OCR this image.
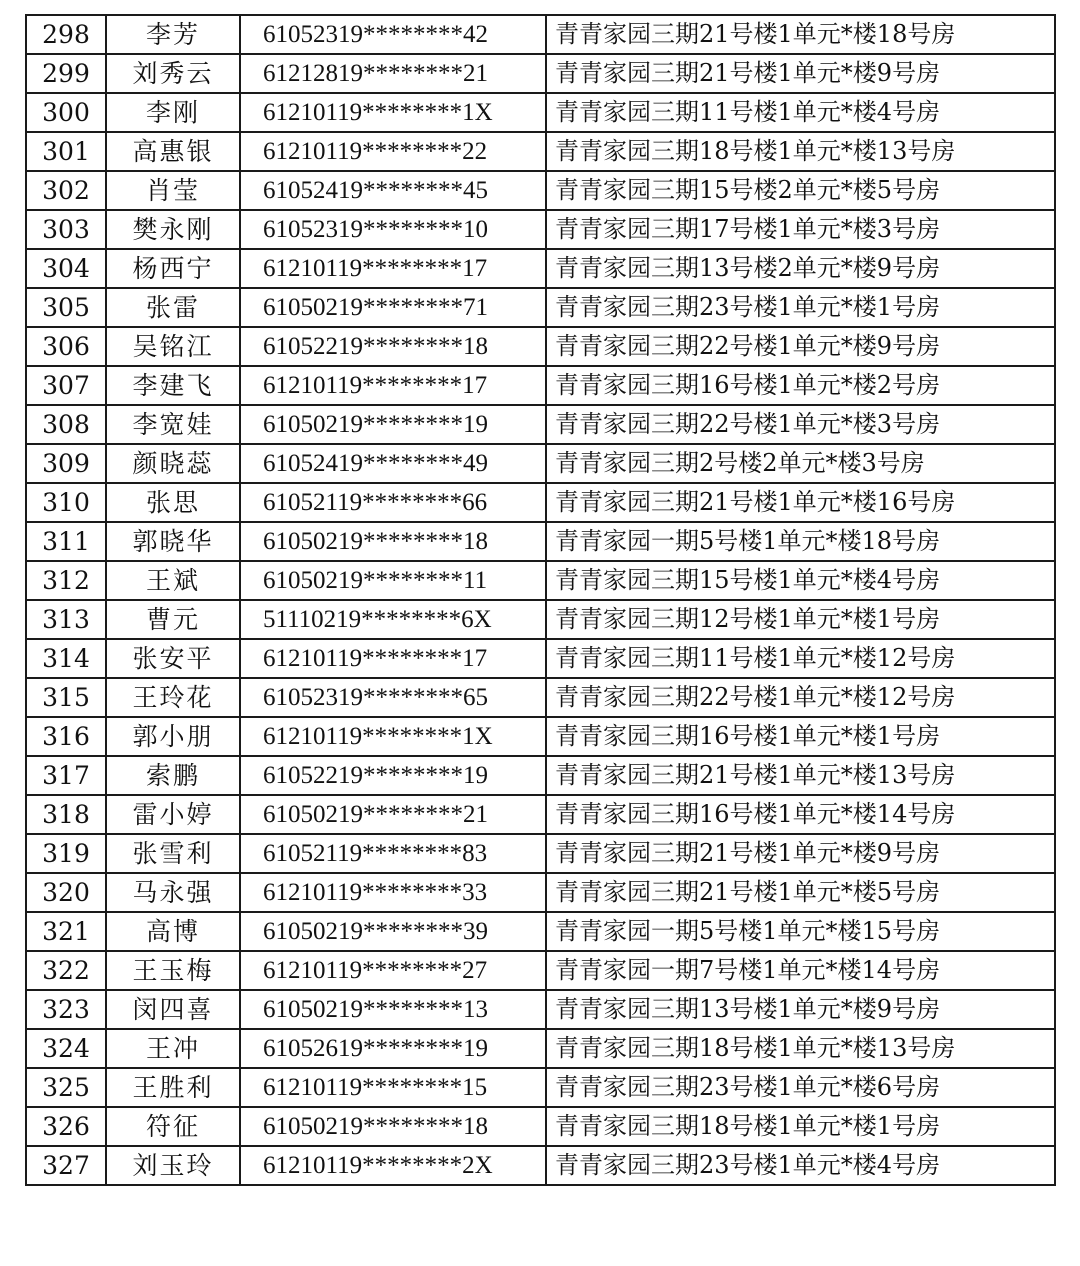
298	李芳	61052319********42	青青家园三期21号楼1单元*楼18号房
299	刘秀云	61212819********21	青青家园三期21号楼1单元*楼9号房
300	李刚	61210119********1X	青青家园三期11号楼1单元*楼4号房
301	高惠银	61210119********22	青青家园三期18号楼1单元*楼13号房
302	肖莹	61052419********45	青青家园三期15号楼2单元*楼5号房
303	樊永刚	61052319********10	青青家园三期17号楼1单元*楼3号房
304	杨西宁	61210119********17	青青家园三期13号楼2单元*楼9号房
305	张雷	61050219********71	青青家园三期23号楼1单元*楼1号房
306	吴铭江	61052219********18	青青家园三期22号楼1单元*楼9号房
307	李建飞	61210119********17	青青家园三期16号楼1单元*楼2号房
308	李宽娃	61050219********19	青青家园三期22号楼1单元*楼3号房
309	颜晓蕊	61052419********49	青青家园三期2号楼2单元*楼3号房
310	张思	61052119********66	青青家园三期21号楼1单元*楼16号房
311	郭晓华	61050219********18	青青家园一期5号楼1单元*楼18号房
312	王斌	61050219********11	青青家园三期15号楼1单元*楼4号房
313	曹元	51110219********6X	青青家园三期12号楼1单元*楼1号房
314	张安平	61210119********17	青青家园三期11号楼1单元*楼12号房
315	王玲花	61052319********65	青青家园三期22号楼1单元*楼12号房
316	郭小朋	61210119********1X	青青家园三期16号楼1单元*楼1号房
317	索鹏	61052219********19	青青家园三期21号楼1单元*楼13号房
318	雷小婷	61050219********21	青青家园三期16号楼1单元*楼14号房
319	张雪利	61052119********83	青青家园三期21号楼1单元*楼9号房
320	马永强	61210119********33	青青家园三期21号楼1单元*楼5号房
321	高博	61050219********39	青青家园一期5号楼1单元*楼15号房
322	王玉梅	61210119********27	青青家园一期7号楼1单元*楼14号房
323	闵四喜	61050219********13	青青家园三期13号楼1单元*楼9号房
324	王冲	61052619********19	青青家园三期18号楼1单元*楼13号房
325	王胜利	61210119********15	青青家园三期23号楼1单元*楼6号房
326	符征	61050219********18	青青家园三期18号楼1单元*楼1号房
327	刘玉玲	61210119********2X	青青家园三期23号楼1单元*楼4号房
